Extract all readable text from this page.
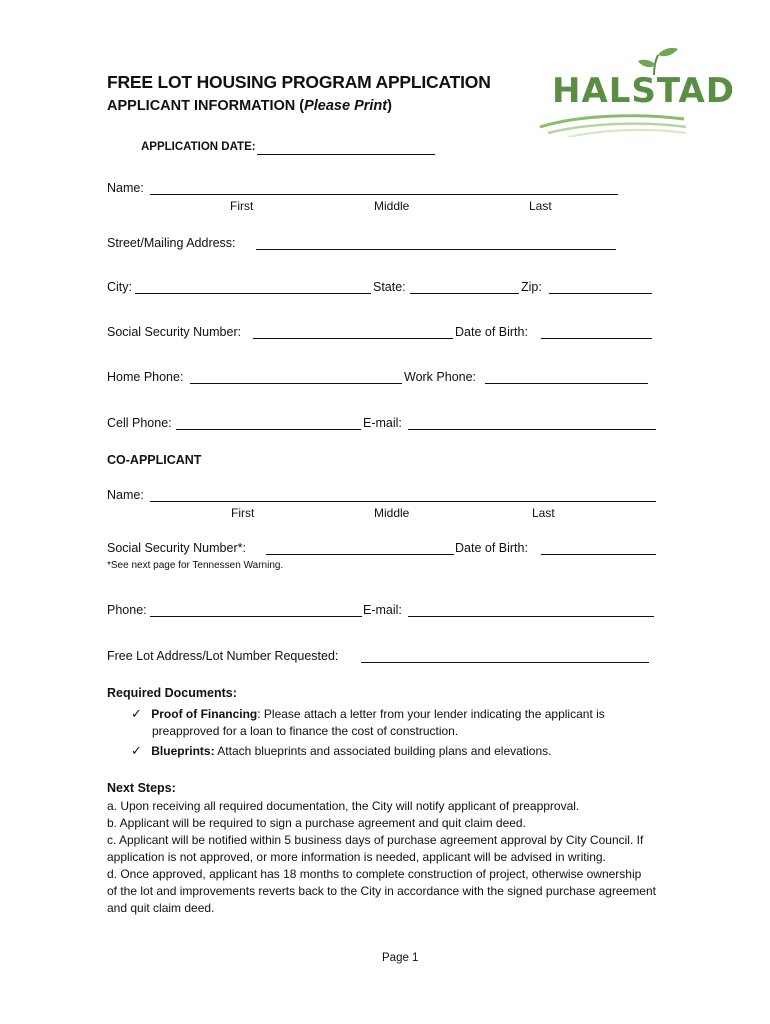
FREE LOT HOUSING PROGRAM APPLICATION
APPLICANT INFORMATION (Please Print)
APPLICATION DATE:
HALSTAD
Name:
First	Middle	Last
Street/Mailing Address:
City:	State:	Zip:
Social Security Number:	Date of Birth:
Home Phone:	Work Phone:
Cell Phone:	E-mail:
CO-APPLICANT
Name:
First	Middle	Last
Social Security Number*:	Date of Birth:
*See next page for Tennessen Warning.
Phone:	E-mail:
Free Lot Address/Lot Number Requested:
Required Documents:
✓ Proof of Financing: Please attach a letter from your lender indicating the applicant is
preapproved for a loan to finance the cost of construction.
✓ Blueprints: Attach blueprints and associated building plans and elevations.
Next Steps:
a. Upon receiving all required documentation, the City will notify applicant of preapproval.
b. Applicant will be required to sign a purchase agreement and quit claim deed.
c. Applicant will be notified within 5 business days of purchase agreement approval by City Council. If
application is not approved, or more information is needed, applicant will be advised in writing.
d. Once approved, applicant has 18 months to complete construction of project, otherwise ownership
of the lot and improvements reverts back to the City in accordance with the signed purchase agreement
and quit claim deed.
Page 1
